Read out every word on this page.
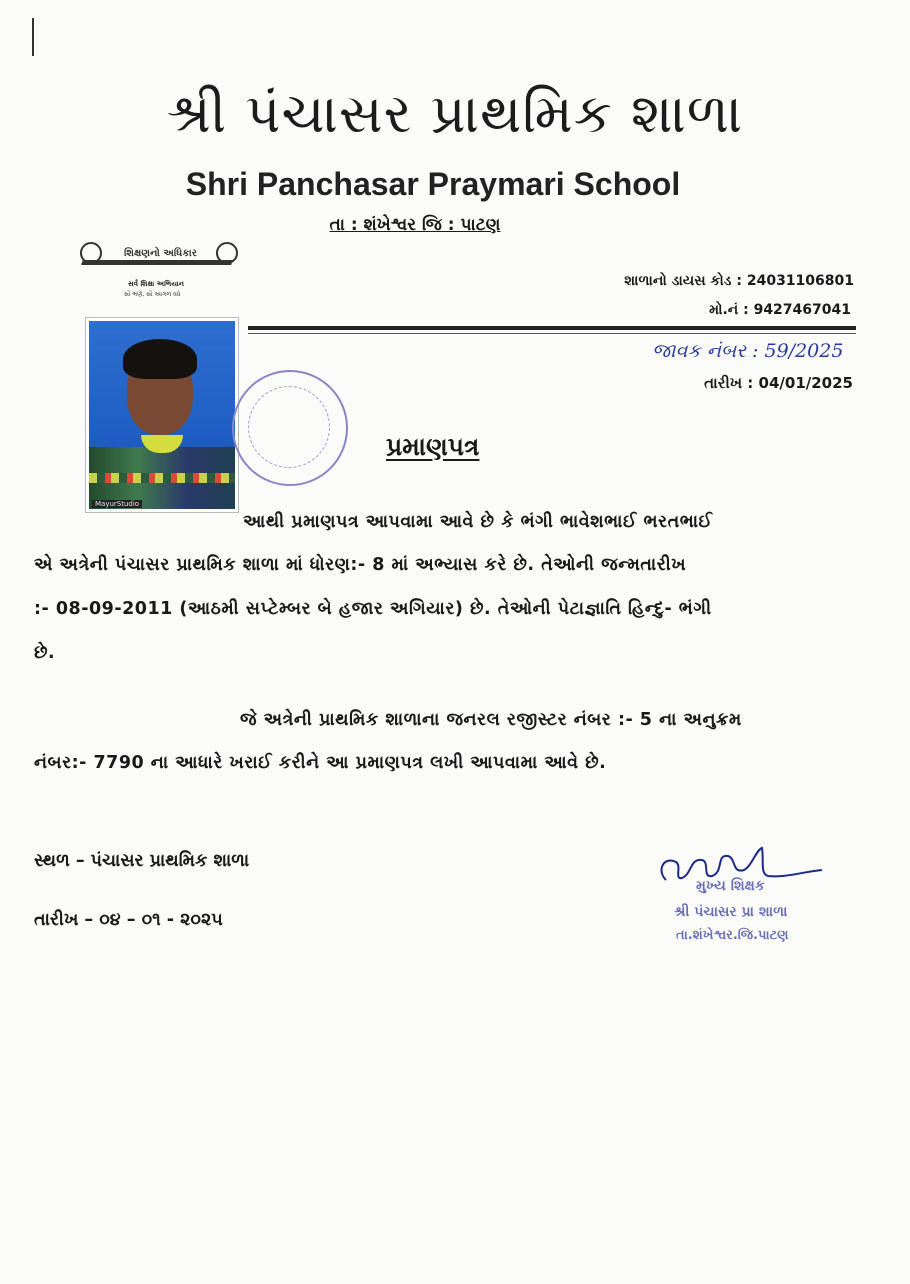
શ્રી પંચાસર પ્રાથમિક શાળા
Shri Panchasar Praymari School
તા : શંખેશ્વર જિ : પાટણ
શિક્ષણનો અધિકાર
સર્વ શિક્ષા અભિયાન
સૌ ભણે, સૌ આગળ વધે
શાળાનો ડાયસ કોડ : 24031106801
મો.નં : 9427467041
જાવક નંબર : 59/2025
તારીખ : 04/01/2025
MayurStudio
પ્રમાણપત્ર
આથી પ્રમાણપત્ર આપવામા આવે છે કે ભંગી ભાવેશભાઈ ભરતભાઈ
એ અત્રેની પંચાસર પ્રાથમિક શાળા માં ધોરણ:- 8 માં અભ્યાસ કરે છે. તેઓની જન્મતારીખ
:- 08-09-2011 (આઠમી સપ્ટેમ્બર બે હજાર અગિયાર) છે. તેઓની પેટાજ્ઞાતિ હિન્દુ- ભંગી
છે.
જે અત્રેની પ્રાથમિક શાળાના જનરલ રજીસ્ટર નંબર :- 5 ના અનુક્રમ
નંબર:- 7790 ના આધારે ખરાઈ કરીને આ પ્રમાણપત્ર લખી આપવામા આવે છે.
સ્થળ – પંચાસર પ્રાથમિક શાળા
તારીખ – ૦૪ – ૦૧ - ૨૦૨૫
મુખ્ય શિક્ષક
શ્રી પંચાસર પ્રા શાળા
તા.શંખેશ્વર.જિ.પાટણ
